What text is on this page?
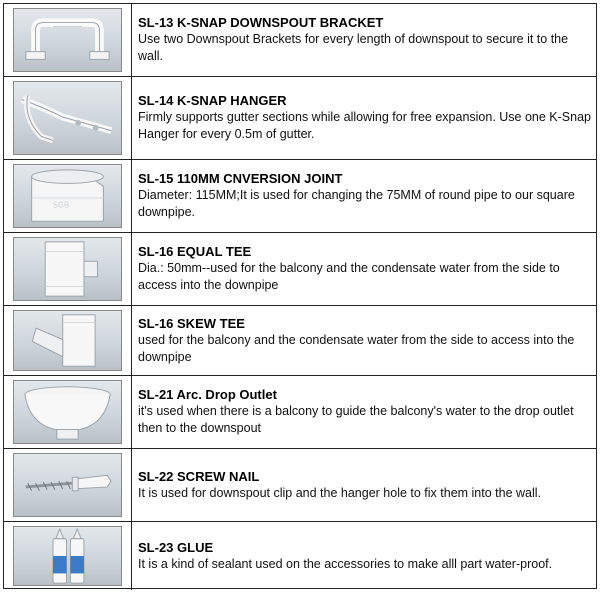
SL-13 K-SNAP DOWNSPOUT BRACKET
Use two Downspout Brackets for every length of downspout to secure it to the wall.
SL-14 K-SNAP HANGER
Firmly supports gutter sections while allowing for free expansion. Use one K-Snap Hanger for every 0.5m of gutter.
SGB
SL-15 110MM CNVERSION JOINT
Diameter: 115MM;It is used for changing the 75MM of round pipe to our square downpipe.
SL-16 EQUAL TEE
Dia.: 50mm--used for the balcony and the condensate water from the side to access into the downpipe
SL-16 SKEW TEE
used for the balcony and the condensate water from the side to access into the downpipe
SL-21 Arc. Drop Outlet
it's used when there is a balcony to guide the balcony's water to the drop outlet then to the downspout
SL-22 SCREW NAIL
It is used for downspout clip and the hanger hole to fix them into the wall.
SL-23 GLUE
It is a kind of sealant used on the accessories to make alll part water-proof.
